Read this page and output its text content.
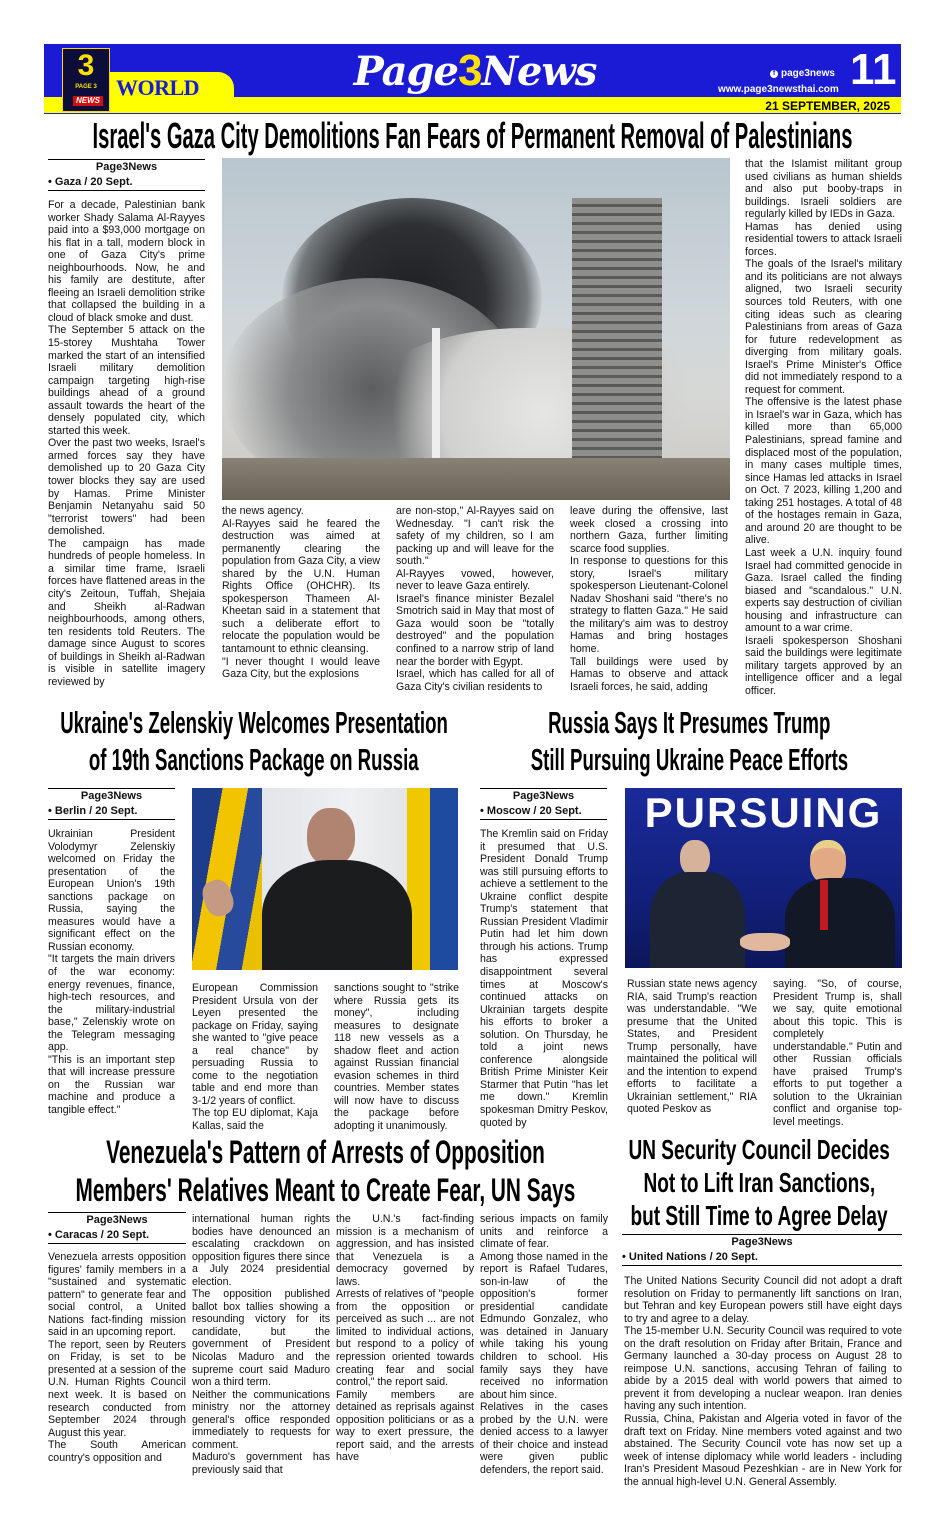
WORLD
3
PAGE 3
NEWS
Page 3 News	f page3news
www.page3newsthai.com 11
21 SEPTEMBER, 2025
Israel's Gaza City Demolitions Fan Fears of Permanent Removal of Palestinians
Page3News
• Gaza / 20 Sept.

For a decade, Palestinian bank worker Shady Salama Al-Rayyes paid into a $93,000 mortgage on his flat in a tall, modern block in one of Gaza City's prime neighbourhoods. Now, he and his family are destitute, after fleeing an Israeli demolition strike that collapsed the building in a cloud of black smoke and dust.

The September 5 attack on the 15-storey Mushtaha Tower marked the start of an intensified Israeli military demolition campaign targeting high-rise buildings ahead of a ground assault towards the heart of the densely populated city, which started this week.

Over the past two weeks, Israel's armed forces say they have demolished up to 20 Gaza City tower blocks they say are used by Hamas. Prime Minister Benjamin Netanyahu said 50 "terrorist towers" had been demolished.

The campaign has made hundreds of people homeless. In a similar time frame, Israeli forces have flattened areas in the city's Zeitoun, Tuffah, Shejaia and Sheikh al-Radwan neighbourhoods, among others, ten residents told Reuters. The damage since August to scores of buildings in Sheikh al-Radwan is visible in satellite imagery reviewed by

the news agency.

Al-Rayyes said he feared the destruction was aimed at permanently clearing the population from Gaza City, a view shared by the U.N. Human Rights Office (OHCHR). Its spokesperson Thameen Al-Kheetan said in a statement that such a deliberate effort to relocate the population would be tantamount to ethnic cleansing.

"I never thought I would leave Gaza City, but the explosions

are non-stop," Al-Rayyes said on Wednesday. "I can't risk the safety of my children, so I am packing up and will leave for the south."

Al-Rayyes vowed, however, never to leave Gaza entirely.

Israel's finance minister Bezalel Smotrich said in May that most of Gaza would soon be "totally destroyed" and the population confined to a narrow strip of land near the border with Egypt.

Israel, which has called for all of Gaza City's civilian residents to

leave during the offensive, last week closed a crossing into northern Gaza, further limiting scarce food supplies.

In response to questions for this story, Israel's military spokesperson Lieutenant-Colonel Nadav Shoshani said "there's no strategy to flatten Gaza." He said the military's aim was to destroy Hamas and bring hostages home.

Tall buildings were used by Hamas to observe and attack Israeli forces, he said, adding

that the Islamist militant group used civilians as human shields and also put booby-traps in buildings. Israeli soldiers are regularly killed by IEDs in Gaza.

Hamas has denied using residential towers to attack Israeli forces.

The goals of the Israel's military and its politicians are not always aligned, two Israeli security sources told Reuters, with one citing ideas such as clearing Palestinians from areas of Gaza for future redevelopment as diverging from military goals. Israel's Prime Minister's Office did not immediately respond to a request for comment.

The offensive is the latest phase in Israel's war in Gaza, which has killed more than 65,000 Palestinians, spread famine and displaced most of the population, in many cases multiple times, since Hamas led attacks in Israel on Oct. 7 2023, killing 1,200 and taking 251 hostages. A total of 48 of the hostages remain in Gaza, and around 20 are thought to be alive.

Last week a U.N. inquiry found Israel had committed genocide in Gaza. Israel called the finding biased and "scandalous." U.N. experts say destruction of civilian housing and infrastructure can amount to a war crime.

Israeli spokesperson Shoshani said the buildings were legitimate military targets approved by an intelligence officer and a legal officer.

Ukraine's Zelenskiy Welcomes Presentation
of 19th Sanctions Package on Russia
Page3News
• Berlin / 20 Sept.

Ukrainian President Volodymyr Zelenskiy welcomed on Friday the presentation of the European Union's 19th sanctions package on Russia, saying the measures would have a significant effect on the Russian economy.

"It targets the main drivers of the war economy: energy revenues, finance, high-tech resources, and the military-industrial base," Zelenskiy wrote on the Telegram messaging app.

"This is an important step that will increase pressure on the Russian war machine and produce a tangible effect."

European Commission President Ursula von der Leyen presented the package on Friday, saying she wanted to "give peace a real chance" by persuading Russia to come to the negotiation table and end more than 3-1/2 years of conflict.

The top EU diplomat, Kaja Kallas, said the

sanctions sought to "strike where Russia gets its money", including measures to designate 118 new vessels as a shadow fleet and action against Russian financial evasion schemes in third countries. Member states will now have to discuss the package before adopting it unanimously.

Russia Says It Presumes Trump
Still Pursuing Ukraine Peace Efforts
Page3News
• Moscow / 20 Sept.

The Kremlin said on Friday it presumed that U.S. President Donald Trump was still pursuing efforts to achieve a settlement to the Ukraine conflict despite Trump's statement that Russian President Vladimir Putin had let him down through his actions. Trump has expressed disappointment several times at Moscow's continued attacks on Ukrainian targets despite his efforts to broker a solution. On Thursday, he told a joint news conference alongside British Prime Minister Keir Starmer that Putin "has let me down." Kremlin spokesman Dmitry Peskov, quoted by

PURSUING

Russian state news agency RIA, said Trump's reaction was understandable. "We presume that the United States, and President Trump personally, have maintained the political will and the intention to expend efforts to facilitate a Ukrainian settlement," RIA quoted Peskov as

saying. "So, of course, President Trump is, shall we say, quite emotional about this topic. This is completely understandable." Putin and other Russian officials have praised Trump's efforts to put together a solution to the Ukrainian conflict and organise top-level meetings.

Venezuela's Pattern of Arrests of Opposition
Members' Relatives Meant to Create Fear, UN Says
Page3News
• Caracas / 20 Sept.

Venezuela arrests opposition figures' family members in a "sustained and systematic pattern" to generate fear and social control, a United Nations fact-finding mission said in an upcoming report.

The report, seen by Reuters on Friday, is set to be presented at a session of the U.N. Human Rights Council next week. It is based on research conducted from September 2024 through August this year.

The South American country's opposition and

international human rights bodies have denounced an escalating crackdown on opposition figures there since a July 2024 presidential election.

The opposition published ballot box tallies showing a resounding victory for its candidate, but the government of President Nicolas Maduro and the supreme court said Maduro won a third term.

Neither the communications ministry nor the attorney general's office responded immediately to requests for comment.

Maduro's government has previously said that

the U.N.'s fact-finding mission is a mechanism of aggression, and has insisted that Venezuela is a democracy governed by laws.

Arrests of relatives of "people from the opposition or perceived as such ... are not limited to individual actions, but respond to a policy of repression oriented towards creating fear and social control," the report said.

Family members are detained as reprisals against opposition politicians or as a way to exert pressure, the report said, and the arrests have

serious impacts on family units and reinforce a climate of fear.

Among those named in the report is Rafael Tudares, son-in-law of the opposition's former presidential candidate Edmundo Gonzalez, who was detained in January while taking his young children to school. His family says they have received no information about him since.

Relatives in the cases probed by the U.N. were denied access to a lawyer of their choice and instead were given public defenders, the report said.

UN Security Council Decides
Not to Lift Iran Sanctions,
but Still Time to Agree Delay
Page3News
• United Nations / 20 Sept.

The United Nations Security Council did not adopt a draft resolution on Friday to permanently lift sanctions on Iran, but Tehran and key European powers still have eight days to try and agree to a delay.

The 15-member U.N. Security Council was required to vote on the draft resolution on Friday after Britain, France and Germany launched a 30-day process on August 28 to reimpose U.N. sanctions, accusing Tehran of failing to abide by a 2015 deal with world powers that aimed to prevent it from developing a nuclear weapon. Iran denies having any such intention.

Russia, China, Pakistan and Algeria voted in favor of the draft text on Friday. Nine members voted against and two abstained. The Security Council vote has now set up a week of intense diplomacy while world leaders - including Iran's President Masoud Pezeshkian - are in New York for the annual high-level U.N. General Assembly.
